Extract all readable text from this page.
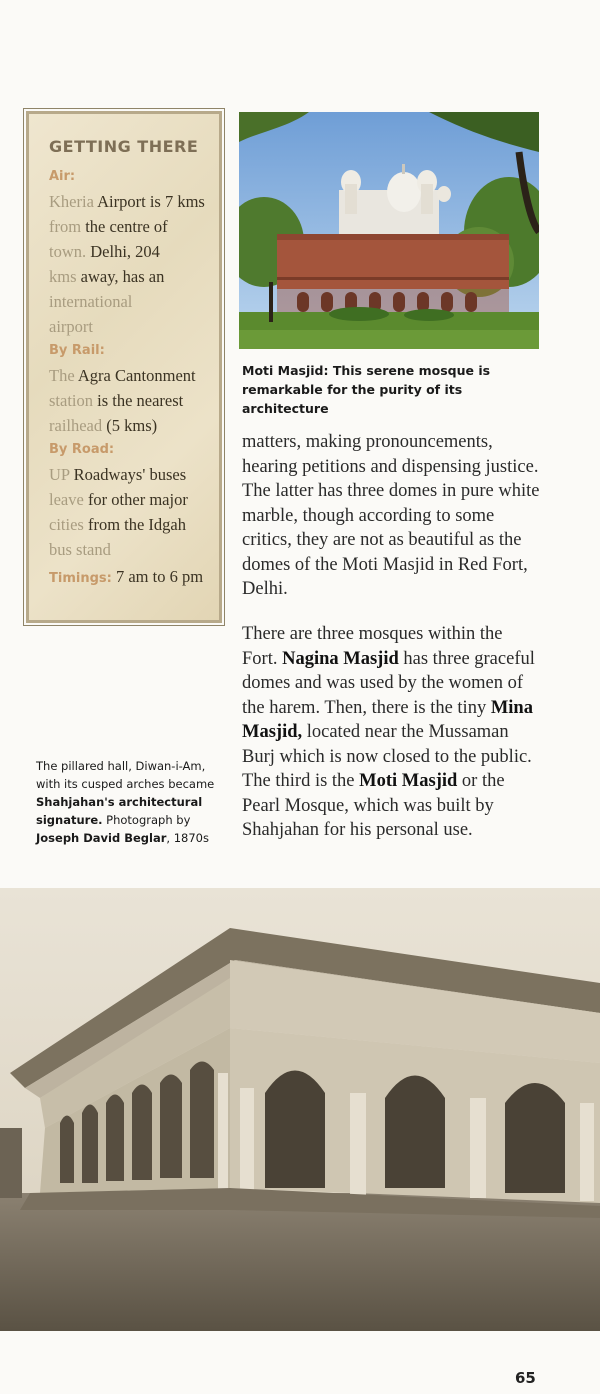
GETTING THERE
Air:
Kheria Airport is 7 kms
from the centre of
town. Delhi, 204
kms away, has an
international
airport
By Rail:
The Agra Cantonment
station is the nearest
railhead (5 kms)
By Road:
UP Roadways' buses
leave for other major
cities from the Idgah
bus stand
Timings: 7 am to 6 pm
Moti Masjid: This serene mosque is remarkable for the purity of its architecture

matters, making pronouncements, hearing petitions and dispensing justice. The latter has three domes in pure white marble, though according to some critics, they are not as beautiful as the domes of the Moti Masjid in Red Fort, Delhi.

There are three mosques within the Fort. Nagina Masjid has three graceful domes and was used by the women of the harem. Then, there is the tiny Mina Masjid, located near the Mussaman Burj which is now closed to the public. The third is the Moti Masjid or the Pearl Mosque, which was built by Shahjahan for his personal use.

The pillared hall, Diwan-i-Am, with its cusped arches became Shahjahan's architectural signature. Photograph by Joseph David Beglar, 1870s
65
